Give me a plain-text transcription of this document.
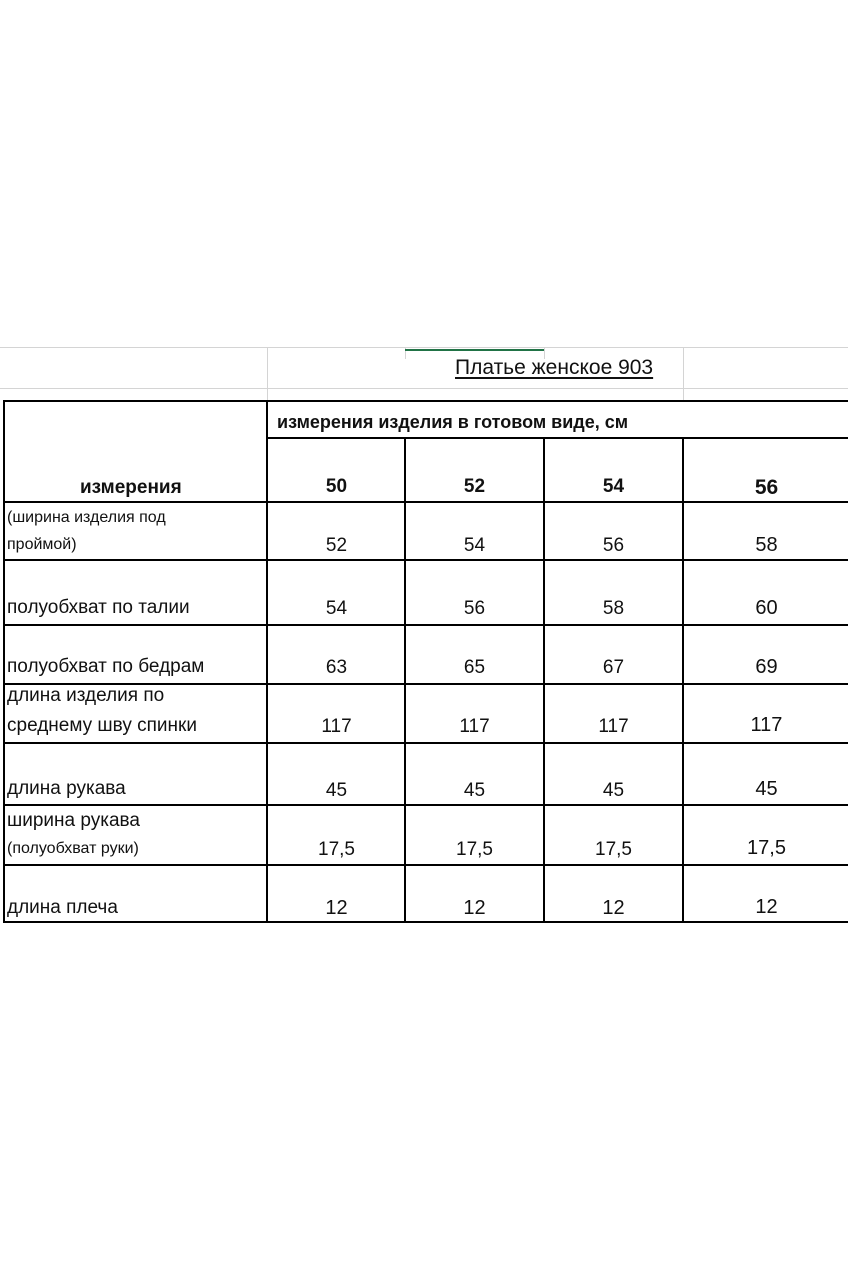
Платье женское 903
измерения изделия в готовом виде, см
измерения	50	52	54	56
(ширина изделия под
проймой)	52	54	56	58
полуобхват по талии	54	56	58	60
полуобхват по бедрам	63	65	67	69
длина изделия по
среднему шву спинки	117	117	117	117
длина рукава	45	45	45	45
ширина рукава
(полуобхват руки)	17,5	17,5	17,5	17,5
длина плеча	12	12	12	12
